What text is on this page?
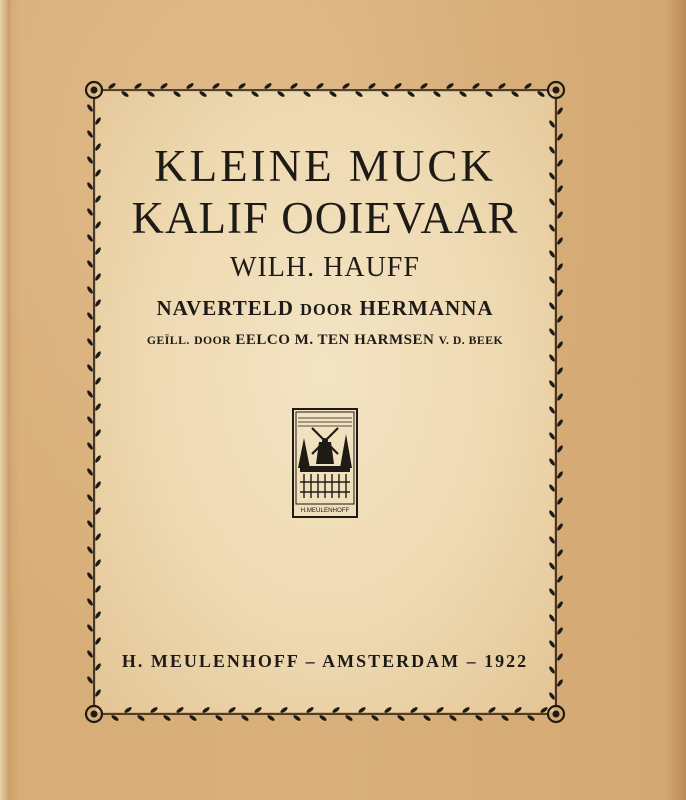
KLEINE MUCK
KALIF OOIEVAAR
WILH. HAUFF
NAVERTELD DOOR HERMANNA
GEÏLL. DOOR EELCO M. TEN HARMSEN V. D. BEEK
H.MEULENHOFF
H. MEULENHOFF – AMSTERDAM – 1922
